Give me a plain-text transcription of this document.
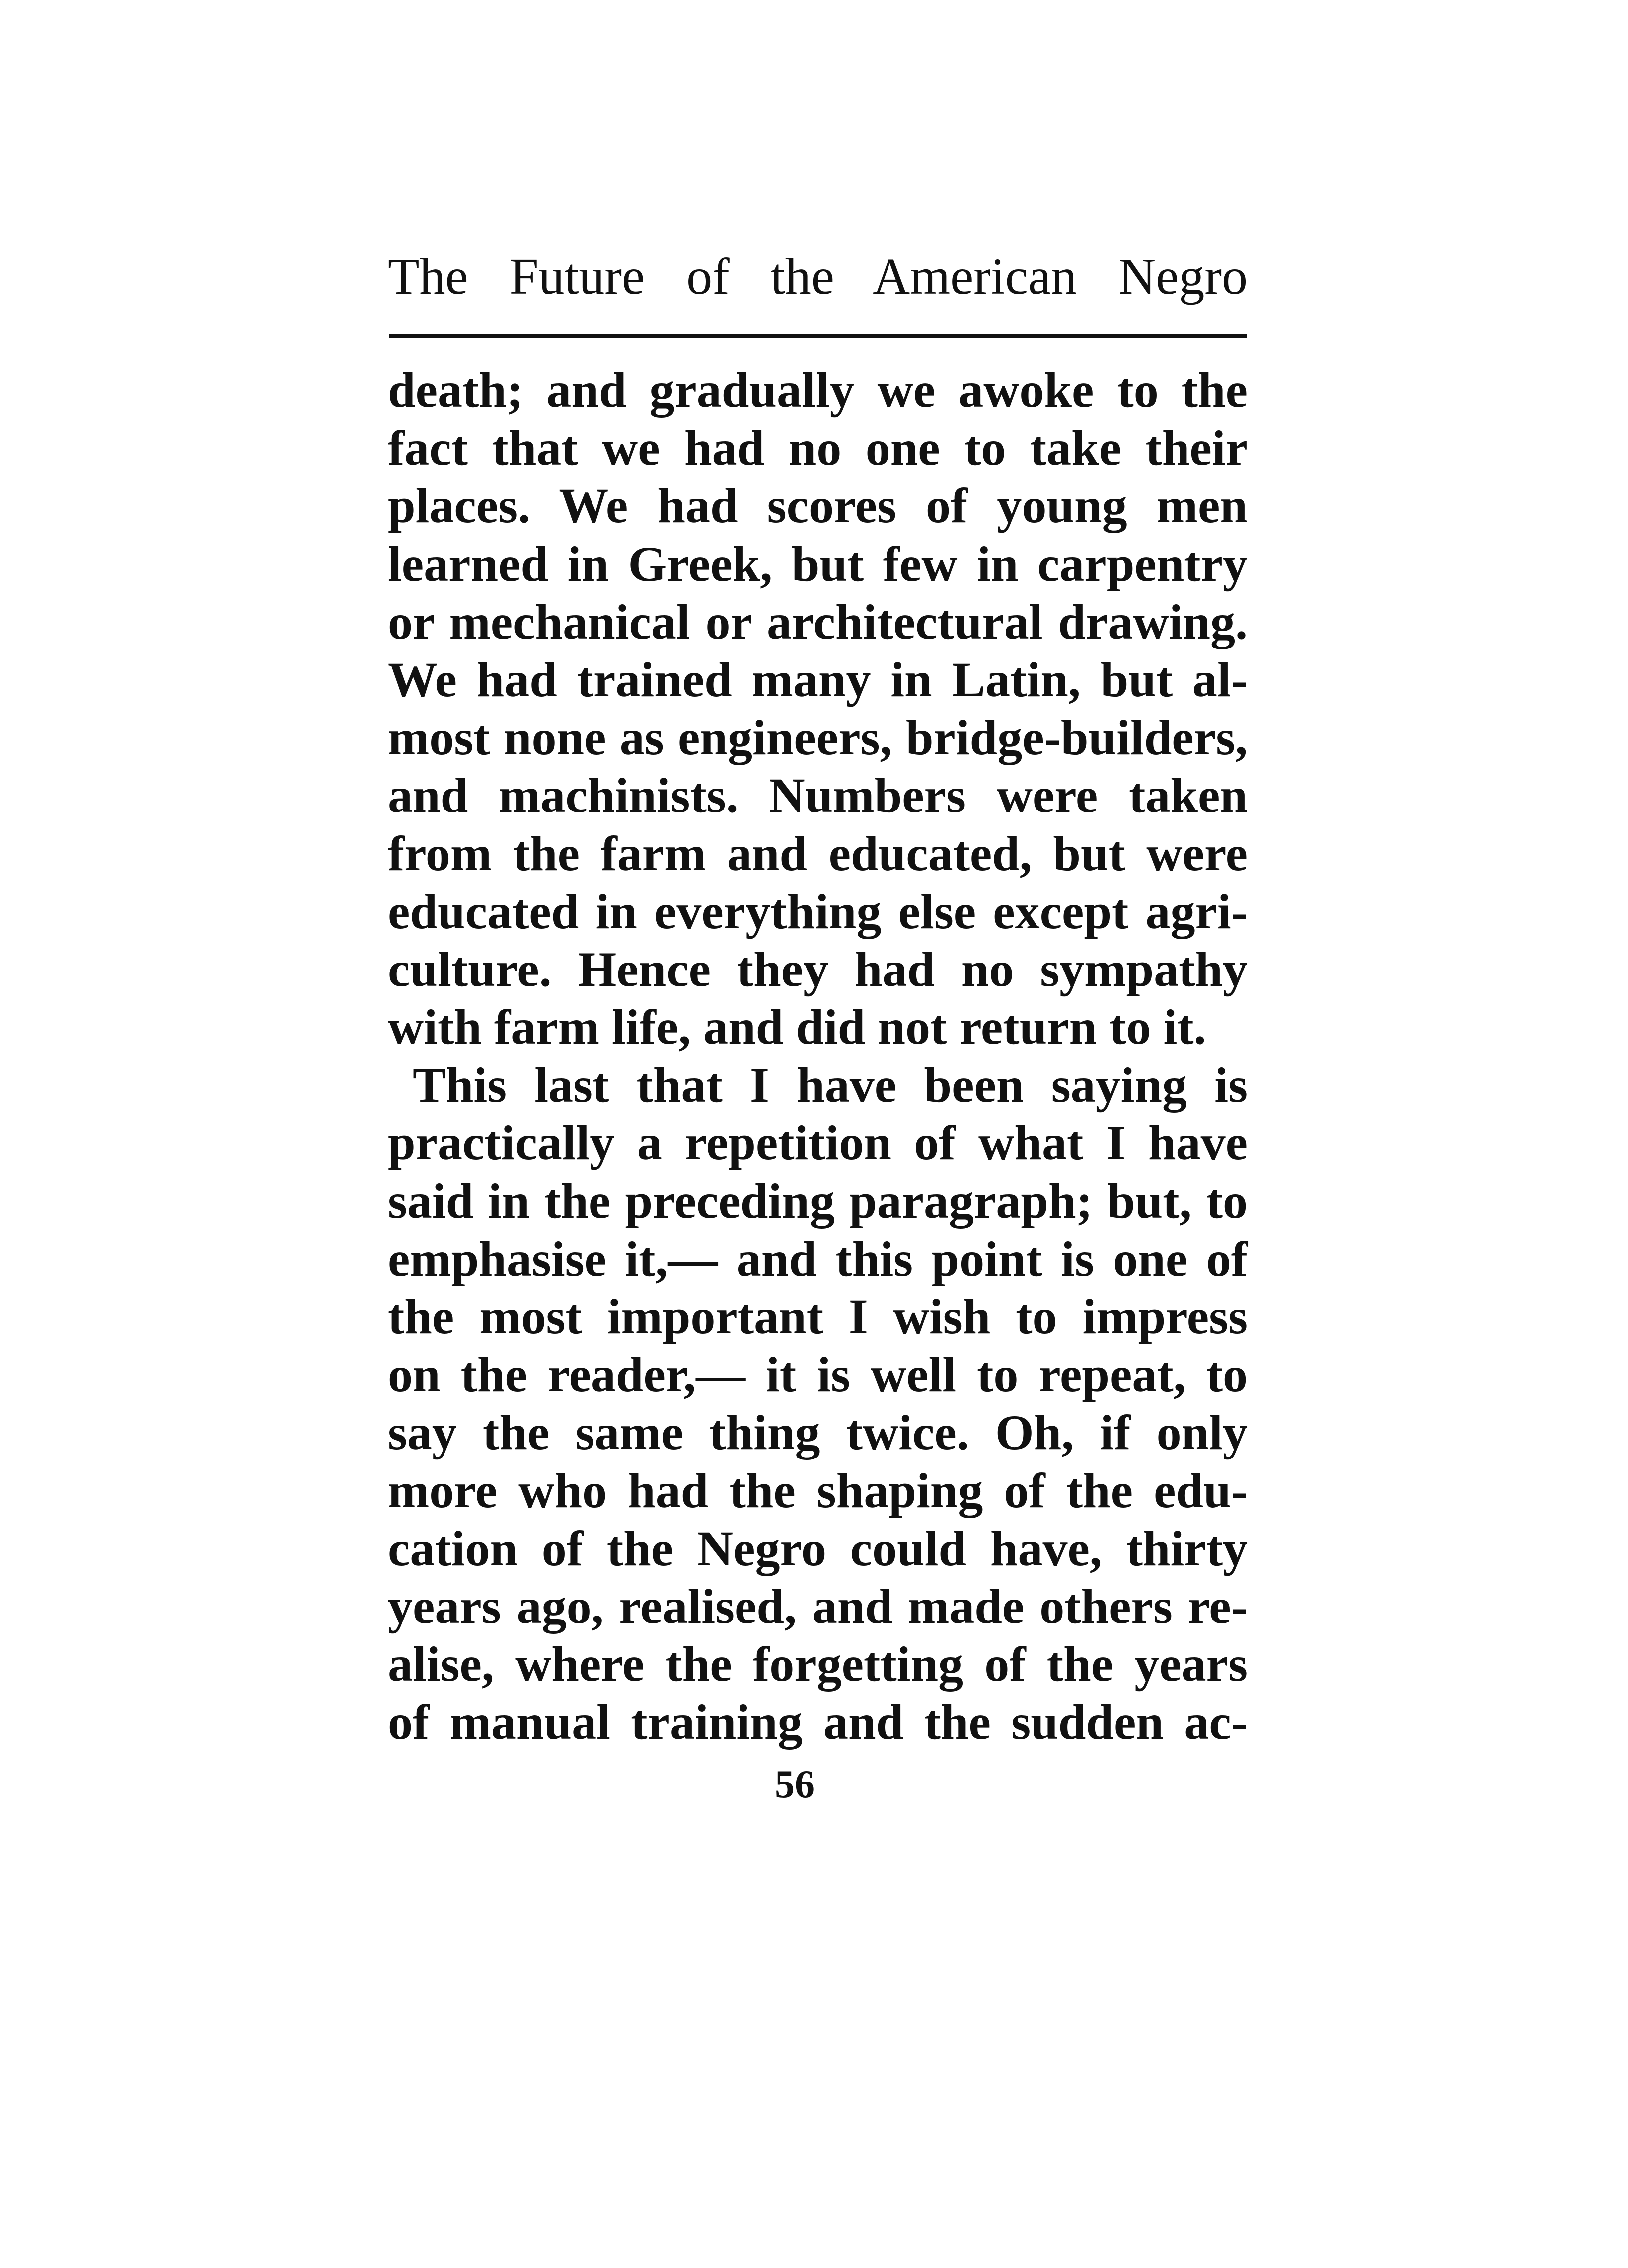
The Future of the American Negro
death; and gradually we awoke to the
fact that we had no one to take their
places. We had scores of young men
learned in Greek, but few in carpentry
or mechanical or architectural drawing.
We had trained many in Latin, but al-
most none as engineers, bridge-builders,
and machinists. Numbers were taken
from the farm and educated, but were
educated in everything else except agri-
culture. Hence they had no sympathy
with farm life, and did not return to it.
This last that I have been saying is
practically a repetition of what I have
said in the preceding paragraph; but, to
emphasise it,— and this point is one of
the most important I wish to impress
on the reader,— it is well to repeat, to
say the same thing twice. Oh, if only
more who had the shaping of the edu-
cation of the Negro could have, thirty
years ago, realised, and made others re-
alise, where the forgetting of the years
of manual training and the sudden ac-
56
